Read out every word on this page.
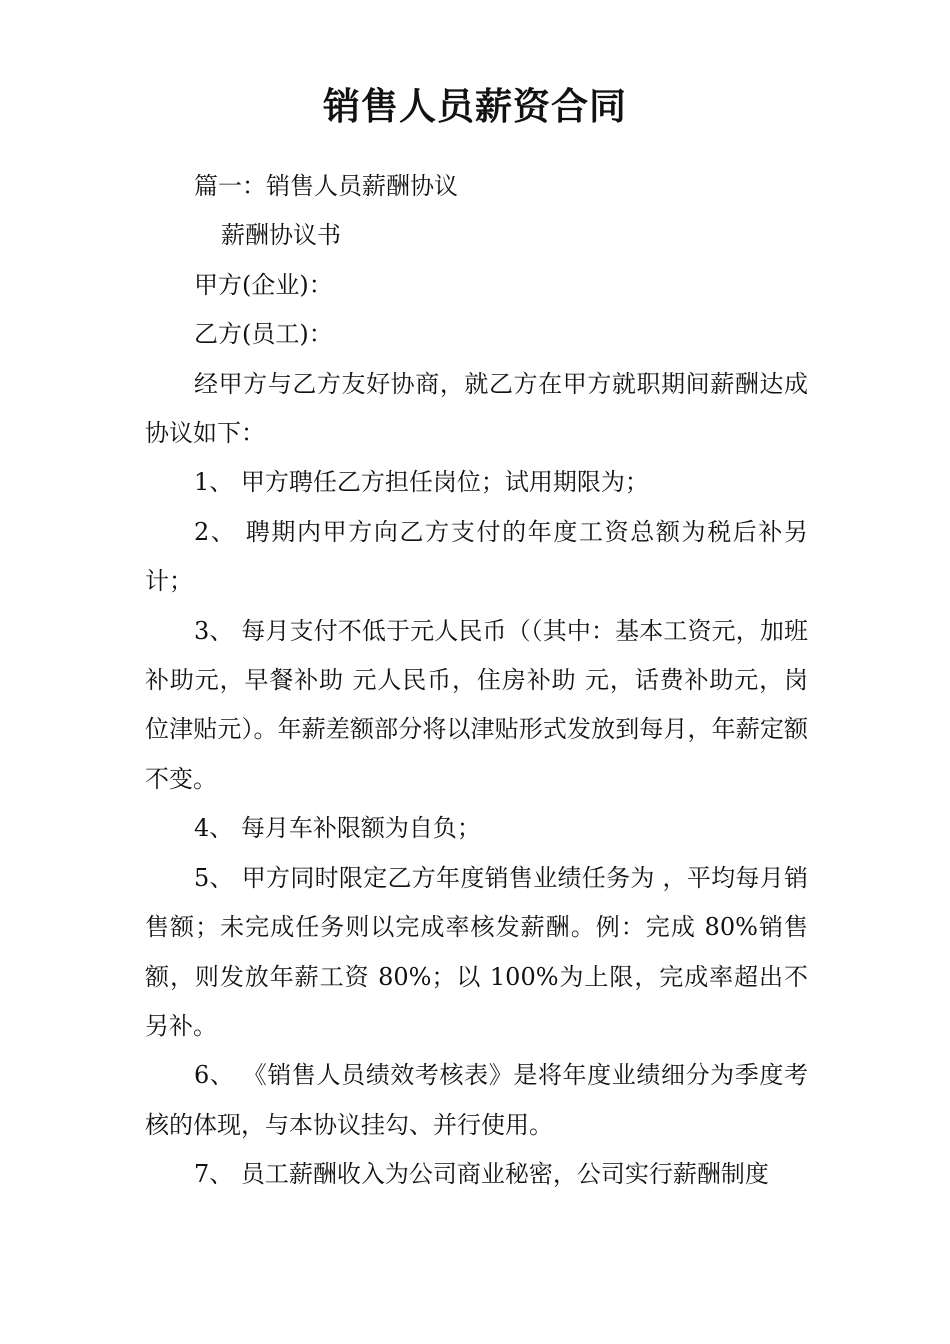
销售人员薪资合同

篇一：销售人员薪酬协议

薪酬协议书

甲方(企业)：

乙方(员工)：

经甲方与乙方友好协商，就乙方在甲方就职期间薪酬达成协议如下：

1、 甲方聘任乙方担任岗位；试用期限为；

2、 聘期内甲方向乙方支付的年度工资总额为税后补另计；

3、 每月支付不低于元人民币（（其中：基本工资元，加班补助元，早餐补助 元人民币，住房补助 元，话费补助元，岗位津贴元）。年薪差额部分将以津贴形式发放到每月，年薪定额不变。

4、 每月车补限额为自负；

5、 甲方同时限定乙方年度销售业绩任务为 ，平均每月销售额；未完成任务则以完成率核发薪酬。例：完成 80%销售额，则发放年薪工资 80%；以 100%为上限，完成率超出不另补。

6、 《销售人员绩效考核表》是将年度业绩细分为季度考核的体现，与本协议挂勾、并行使用。

7、 员工薪酬收入为公司商业秘密，公司实行薪酬制度
